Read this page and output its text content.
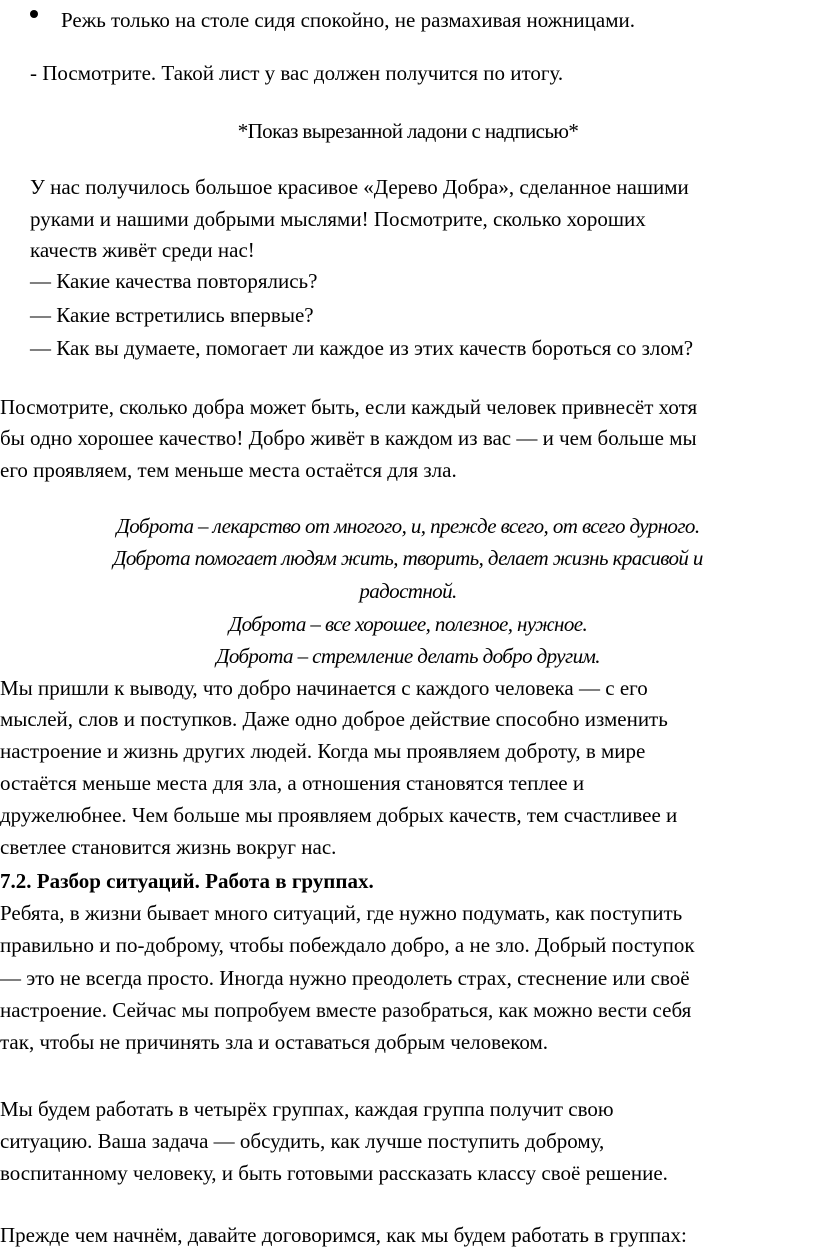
Режь только на столе сидя спокойно, не размахивая ножницами.
- Посмотрите. Такой лист у вас должен получится по итогу.
*Показ вырезанной ладони с надписью*
У нас получилось большое красивое «Дерево Добра», сделанное нашими
руками и нашими добрыми мыслями! Посмотрите, сколько хороших
качеств живёт среди нас!
— Какие качества повторялись?
— Какие встретились впервые?
— Как вы думаете, помогает ли каждое из этих качеств бороться со злом?
Посмотрите, сколько добра может быть, если каждый человек привнесёт хотя
бы одно хорошее качество! Добро живёт в каждом из вас — и чем больше мы
его проявляем, тем меньше места остаётся для зла.
Доброта – лекарство от многого, и, прежде всего, от всего дурного.
Доброта помогает людям жить, творить, делает жизнь красивой и
радостной.
Доброта – все хорошее, полезное, нужное.
Доброта – стремление делать добро другим.
Мы пришли к выводу, что добро начинается с каждого человека — с его
мыслей, слов и поступков. Даже одно доброе действие способно изменить
настроение и жизнь других людей. Когда мы проявляем доброту, в мире
остаётся меньше места для зла, а отношения становятся теплее и
дружелюбнее. Чем больше мы проявляем добрых качеств, тем счастливее и
светлее становится жизнь вокруг нас.
7.2. Разбор ситуаций. Работа в группах.
Ребята, в жизни бывает много ситуаций, где нужно подумать, как поступить
правильно и по-доброму, чтобы побеждало добро, а не зло. Добрый поступок
— это не всегда просто. Иногда нужно преодолеть страх, стеснение или своё
настроение. Сейчас мы попробуем вместе разобраться, как можно вести себя
так, чтобы не причинять зла и оставаться добрым человеком.
Мы будем работать в четырёх группах, каждая группа получит свою
ситуацию. Ваша задача — обсудить, как лучше поступить доброму,
воспитанному человеку, и быть готовыми рассказать классу своё решение.
Прежде чем начнём, давайте договоримся, как мы будем работать в группах:
